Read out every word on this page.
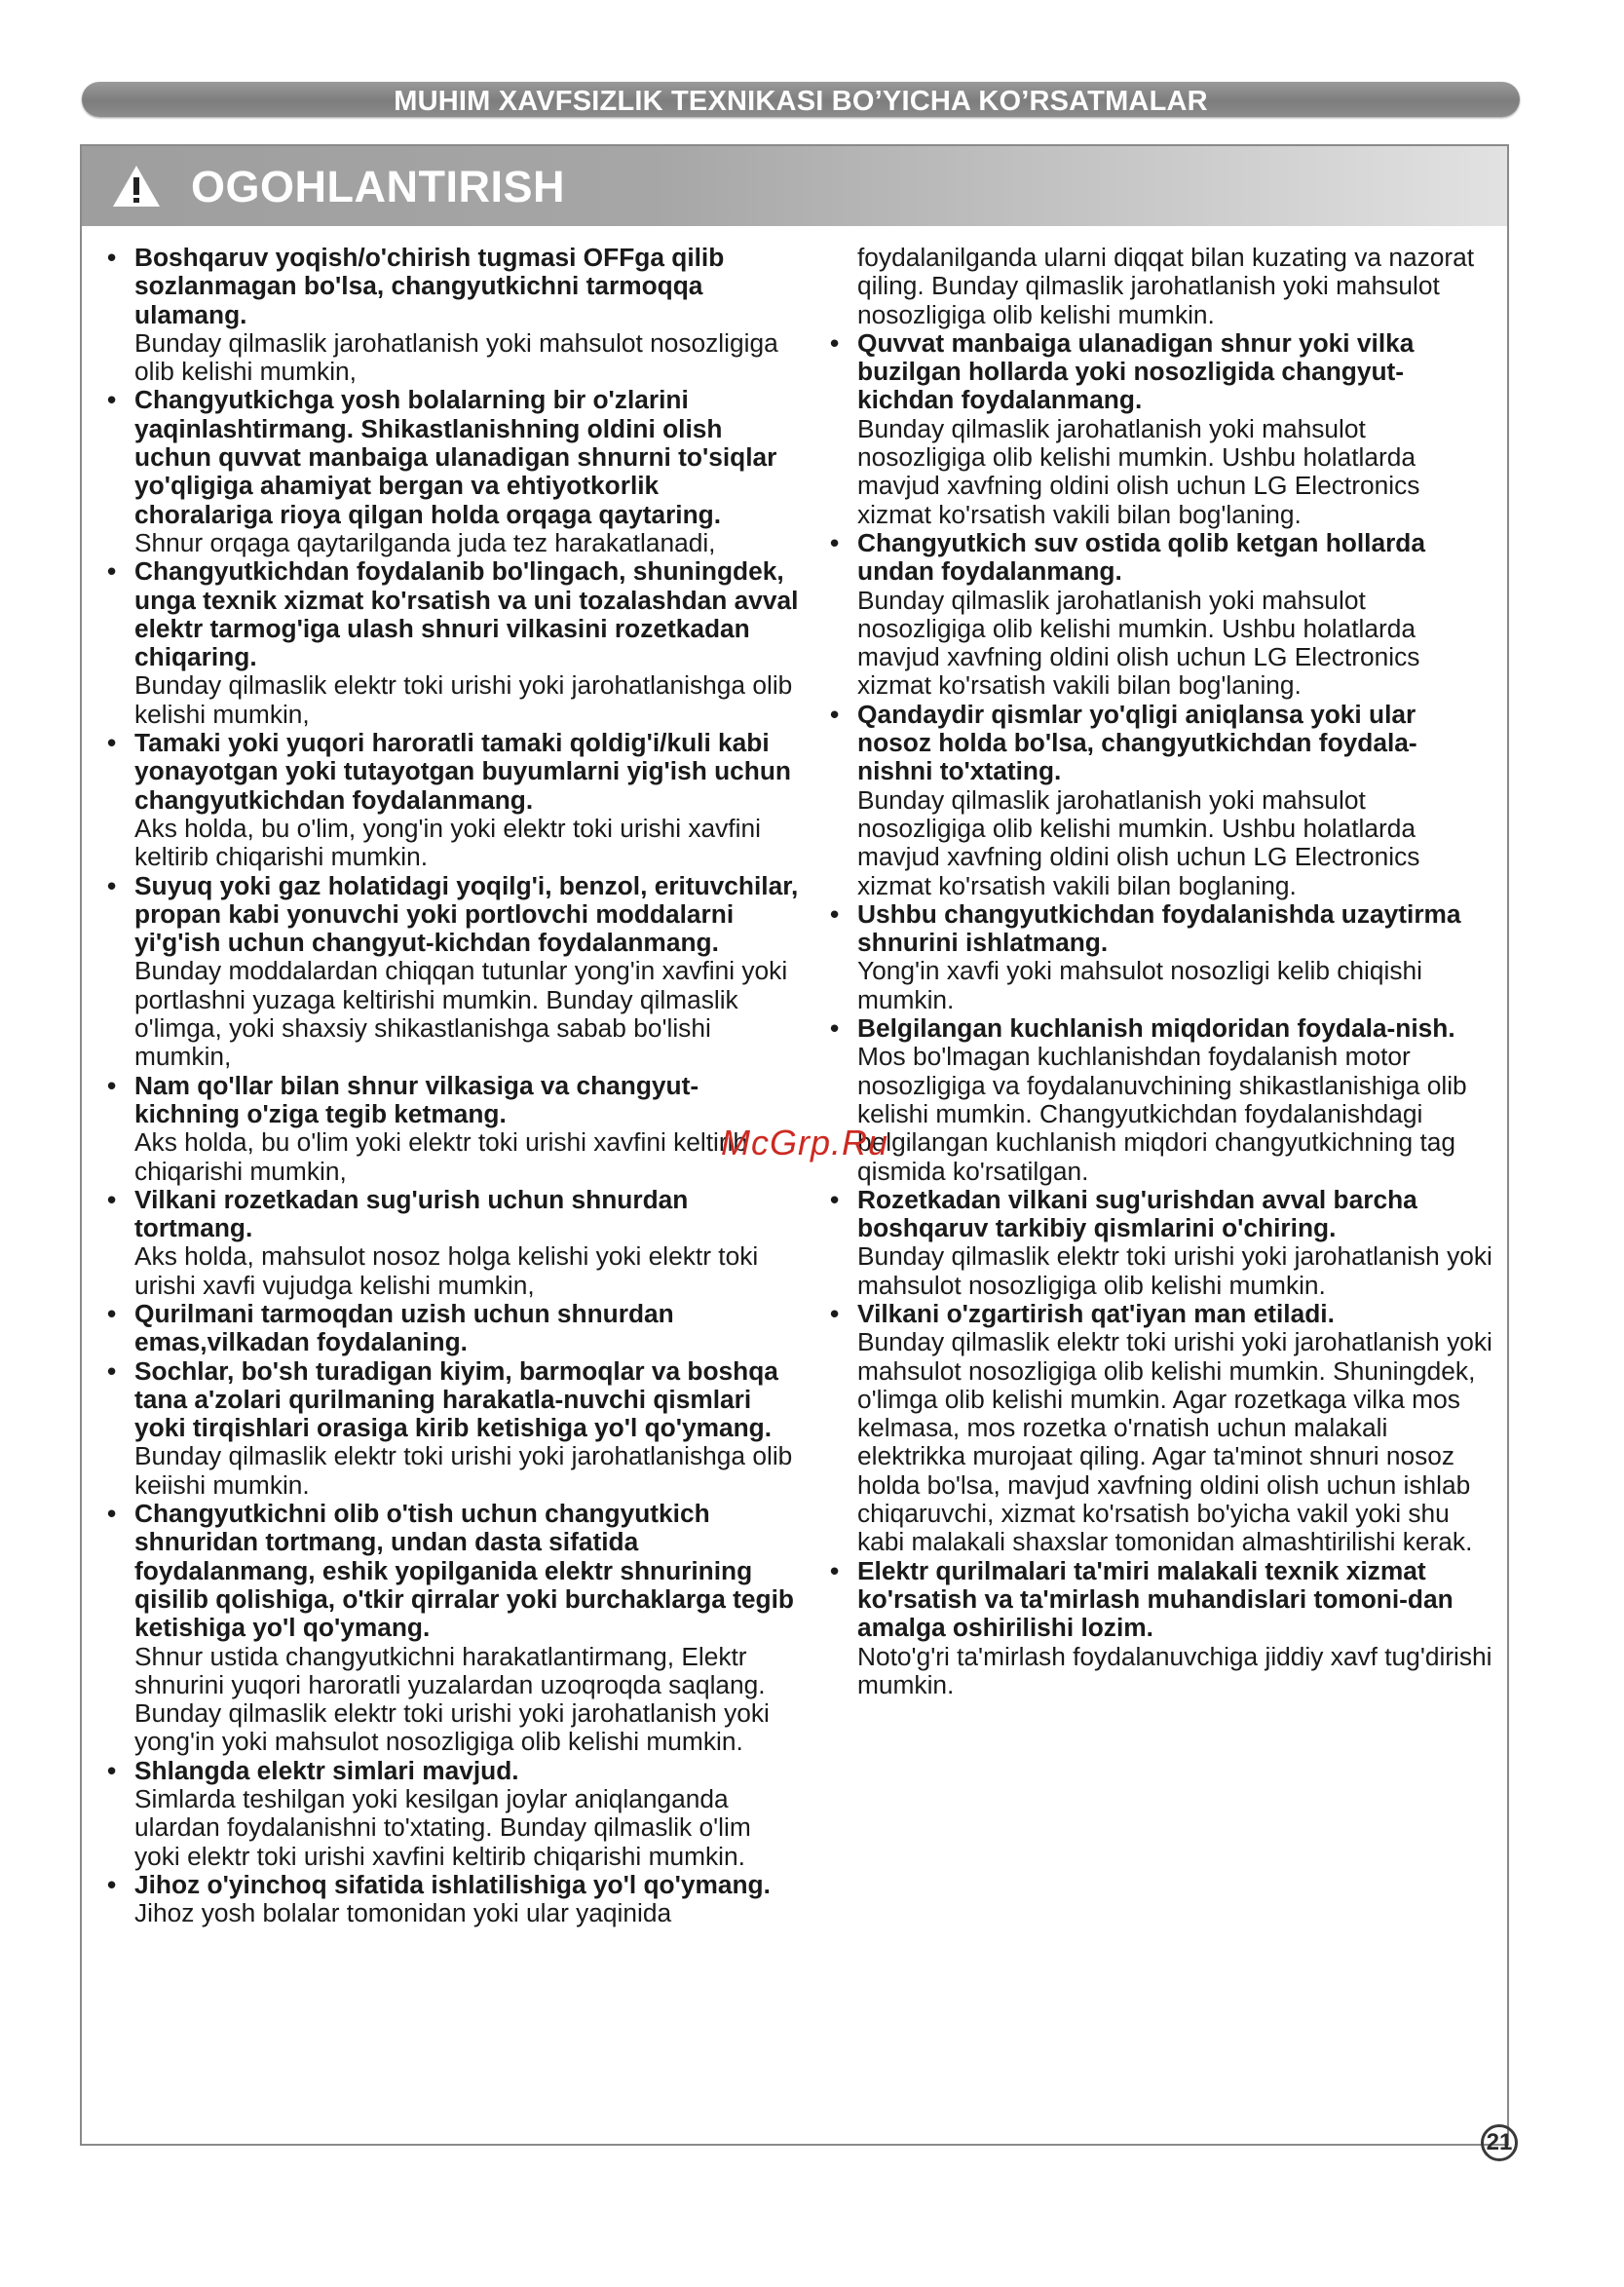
MUHIM XAVFSIZLIK TEXNIKASI BO’YICHA KO’RSATMALAR
OGOHLANTIRISH
• Boshqaruv yoqish/o'chirish tugmasi OFFga qilib sozlanmagan bo'lsa, changyutkichni tarmoqqa ulamang.
Bunday qilmaslik jarohatlanish yoki mahsulot nosozligiga olib kelishi mumkin,
• Changyutkichga yosh bolalarning bir o'zlarini yaqinlashtirmang. Shikastlanishning oldini olish uchun quvvat manbaiga ulanadigan shnurni to'siqlar yo'qligiga ahamiyat bergan va ehtiyotkorlik choralariga rioya qilgan holda orqaga qaytaring.
Shnur orqaga qaytarilganda juda tez harakatlanadi,
• Changyutkichdan foydalanib bo'lingach, shuningdek, unga texnik xizmat ko'rsatish va uni tozalashdan avval elektr tarmog'iga ulash shnuri vilkasini rozetkadan chiqaring.
Bunday qilmaslik elektr toki urishi yoki jarohatlanishga olib kelishi mumkin,
• Tamaki yoki yuqori haroratli tamaki qoldig'i/kuli kabi yonayotgan yoki tutayotgan buyumlarni yig'ish uchun changyutkichdan foydalanmang.
Aks holda, bu o'lim, yong'in yoki elektr toki urishi xavfini keltirib chiqarishi mumkin.
• Suyuq yoki gaz holatidagi yoqilg'i, benzol, erituvchilar, propan kabi yonuvchi yoki portlovchi moddalarni yi'g'ish uchun changyut-kichdan foydalanmang.
Bunday moddalardan chiqqan tutunlar yong'in xavfini yoki portlashni yuzaga keltirishi mumkin. Bunday qilmaslik o'limga, yoki shaxsiy shikastlanishga sabab bo'lishi mumkin,
• Nam qo'llar bilan shnur vilkasiga va changyut-kichning o'ziga tegib ketmang.
Aks holda, bu o'lim yoki elektr toki urishi xavfini keltirib chiqarishi mumkin,
• Vilkani rozetkadan sug'urish uchun shnurdan tortmang.
Aks holda, mahsulot nosoz holga kelishi yoki elektr toki urishi xavfi vujudga kelishi mumkin,
• Qurilmani tarmoqdan uzish uchun shnurdan emas,vilkadan foydalaning.
• Sochlar, bo'sh turadigan kiyim, barmoqlar va boshqa tana a'zolari qurilmaning harakatla-nuvchi qismlari yoki tirqishlari orasiga kirib ketishiga yo'l qo'ymang.
Bunday qilmaslik elektr toki urishi yoki jarohatlanishga olib keiishi mumkin.
• Changyutkichni olib o'tish uchun changyutkich shnuridan tortmang, undan dasta sifatida foydalanmang, eshik yopilganida elektr shnurining qisilib qolishiga, o'tkir qirralar yoki burchaklarga tegib ketishiga yo'l qo'ymang.
Shnur ustida changyutkichni harakatlantirmang, Elektr shnurini yuqori haroratli yuzalardan uzoqroqda saqlang. Bunday qilmaslik elektr toki urishi yoki jarohatlanish yoki yong'in yoki mahsulot nosozligiga olib kelishi mumkin.
• Shlangda elektr simlari mavjud.
Simlarda teshilgan yoki kesilgan joylar aniqlanganda ulardan foydalanishni to'xtating. Bunday qilmaslik o'lim yoki elektr toki urishi xavfini keltirib chiqarishi mumkin.
• Jihoz o'yinchoq sifatida ishlatilishiga yo'l qo'ymang.
Jihoz yosh bolalar tomonidan yoki ular yaqinida
foydalanilganda ularni diqqat bilan kuzating va nazorat qiling. Bunday qilmaslik jarohatlanish yoki mahsulot nosozligiga olib kelishi mumkin.
• Quvvat manbaiga ulanadigan shnur yoki vilka buzilgan hollarda yoki nosozligida changyut-kichdan foydalanmang.
Bunday qilmaslik jarohatlanish yoki mahsulot nosozligiga olib kelishi mumkin. Ushbu holatlarda mavjud xavfning oldini olish uchun LG Electronics xizmat ko'rsatish vakili bilan bog'laning.
• Changyutkich suv ostida qolib ketgan hollarda undan foydalanmang.
Bunday qilmaslik jarohatlanish yoki mahsulot nosozligiga olib kelishi mumkin. Ushbu holatlarda mavjud xavfning oldini olish uchun LG Electronics xizmat ko'rsatish vakili bilan bog'laning.
• Qandaydir qismlar yo'qligi aniqlansa yoki ular nosoz holda bo'lsa, changyutkichdan foydala-nishni to'xtating.
Bunday qilmaslik jarohatlanish yoki mahsulot nosozligiga olib kelishi mumkin. Ushbu holatlarda mavjud xavfning oldini olish uchun LG Electronics xizmat ko'rsatish vakili bilan boglaning.
• Ushbu changyutkichdan foydalanishda uzaytirma shnurini ishlatmang.
Yong'in xavfi yoki mahsulot nosozligi kelib chiqishi mumkin.
• Belgilangan kuchlanish miqdoridan foydala-nish.
Mos bo'lmagan kuchlanishdan foydalanish motor nosozligiga va foydalanuvchining shikastlanishiga olib kelishi mumkin. Changyutkichdan foydalanishdagi belgilangan kuchlanish miqdori changyutkichning tag qismida ko'rsatilgan.
• Rozetkadan vilkani sug'urishdan avval barcha boshqaruv tarkibiy qismlarini o'chiring.
Bunday qilmaslik elektr toki urishi yoki jarohatlanish yoki mahsulot nosozligiga olib kelishi mumkin.
• Vilkani o'zgartirish qat'iyan man etiladi.
Bunday qilmaslik elektr toki urishi yoki jarohatlanish yoki mahsulot nosozligiga olib kelishi mumkin. Shuningdek, o'limga olib kelishi mumkin. Agar rozetkaga vilka mos kelmasa, mos rozetka o'rnatish uchun malakali elektrikka murojaat qiling. Agar ta'minot shnuri nosoz holda bo'lsa, mavjud xavfning oldini olish uchun ishlab chiqaruvchi, xizmat ko'rsatish bo'yicha vakil yoki shu kabi malakali shaxslar tomonidan almashtirilishi kerak.
• Elektr qurilmalari ta'miri malakali texnik xizmat ko'rsatish va ta'mirlash muhandislari tomoni-dan amalga oshirilishi lozim.
Noto'g'ri ta'mirlash foydalanuvchiga jiddiy xavf tug'dirishi mumkin.
McGrp.Ru
21
